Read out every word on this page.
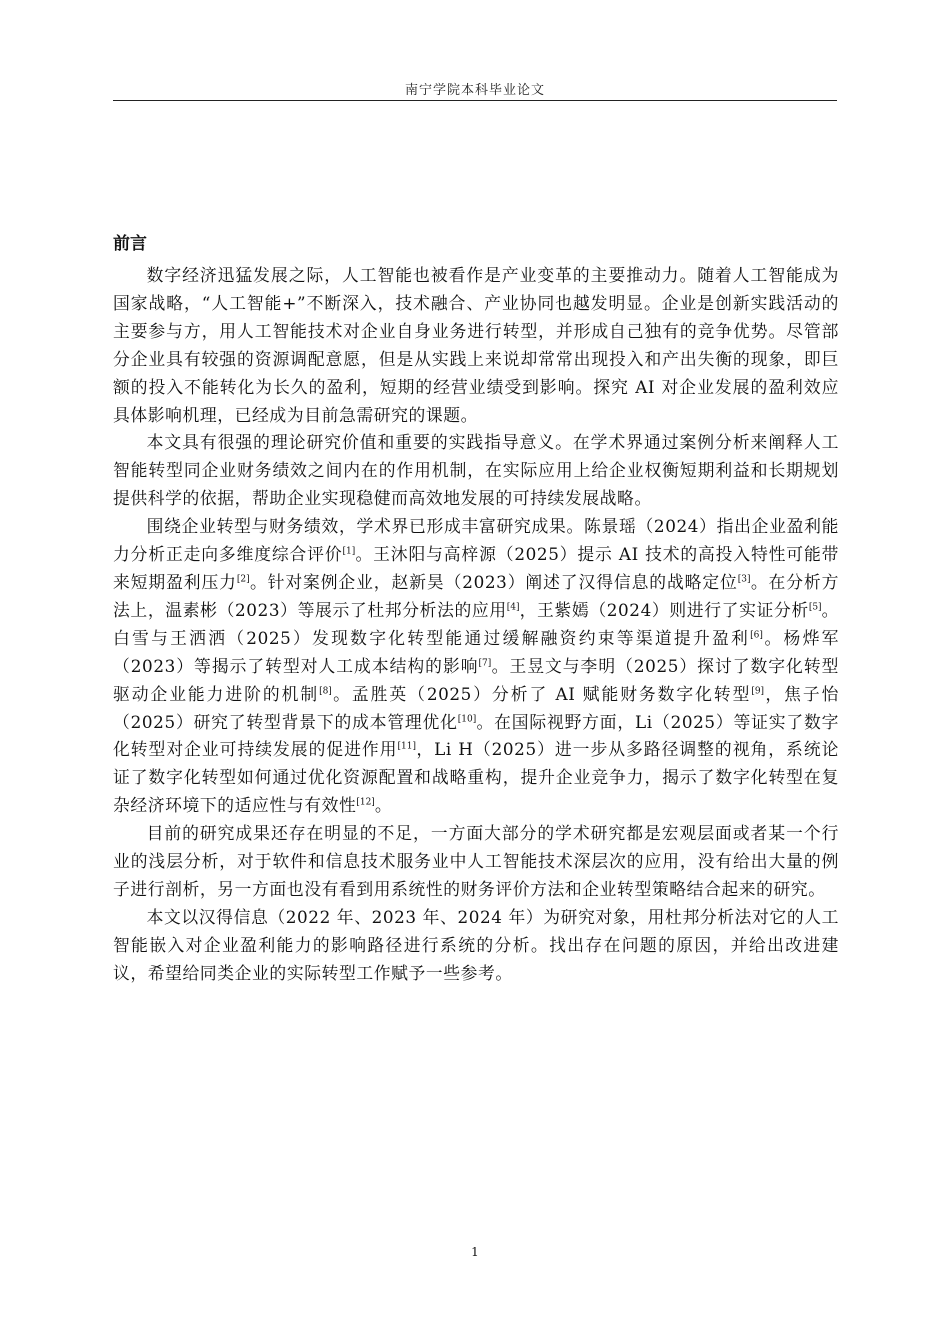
南宁学院本科毕业论文
前言

数字经济迅猛发展之际，人工智能也被看作是产业变革的主要推动力。随着人工智能成为国家战略，“人工智能+”不断深入，技术融合、产业协同也越发明显。企业是创新实践活动的主要参与方，用人工智能技术对企业自身业务进行转型，并形成自己独有的竞争优势。尽管部分企业具有较强的资源调配意愿，但是从实践上来说却常常出现投入和产出失衡的现象，即巨额的投入不能转化为长久的盈利，短期的经营业绩受到影响。探究 AI 对企业发展的盈利效应具体影响机理，已经成为目前急需研究的课题。

本文具有很强的理论研究价值和重要的实践指导意义。在学术界通过案例分析来阐释人工智能转型同企业财务绩效之间内在的作用机制，在实际应用上给企业权衡短期利益和长期规划提供科学的依据，帮助企业实现稳健而高效地发展的可持续发展战略。

围绕企业转型与财务绩效，学术界已形成丰富研究成果。陈景瑶（2024）指出企业盈利能力分析正走向多维度综合评价[1]。王沐阳与高梓源（2025）提示 AI 技术的高投入特性可能带来短期盈利压力[2]。针对案例企业，赵新昊（2023）阐述了汉得信息的战略定位[3]。在分析方法上，温素彬（2023）等展示了杜邦分析法的应用[4]，王紫嫣（2024）则进行了实证分析[5]。白雪与王洒洒（2025）发现数字化转型能通过缓解融资约束等渠道提升盈利[6]。杨烨军（2023）等揭示了转型对人工成本结构的影响[7]。王昱文与李明（2025）探讨了数字化转型驱动企业能力进阶的机制[8]。孟胜英（2025）分析了 AI 赋能财务数字化转型[9]，焦子怡（2025）研究了转型背景下的成本管理优化[10]。在国际视野方面，Li（2025）等证实了数字化转型对企业可持续发展的促进作用[11]，Li H（2025）进一步从多路径调整的视角，系统论证了数字化转型如何通过优化资源配置和战略重构，提升企业竞争力，揭示了数字化转型在复杂经济环境下的适应性与有效性[12]。

目前的研究成果还存在明显的不足，一方面大部分的学术研究都是宏观层面或者某一个行业的浅层分析，对于软件和信息技术服务业中人工智能技术深层次的应用，没有给出大量的例子进行剖析，另一方面也没有看到用系统性的财务评价方法和企业转型策略结合起来的研究。

本文以汉得信息（2022 年、2023 年、2024 年）为研究对象，用杜邦分析法对它的人工智能嵌入对企业盈利能力的影响路径进行系统的分析。找出存在问题的原因，并给出改进建议，希望给同类企业的实际转型工作赋予一些参考。

1
